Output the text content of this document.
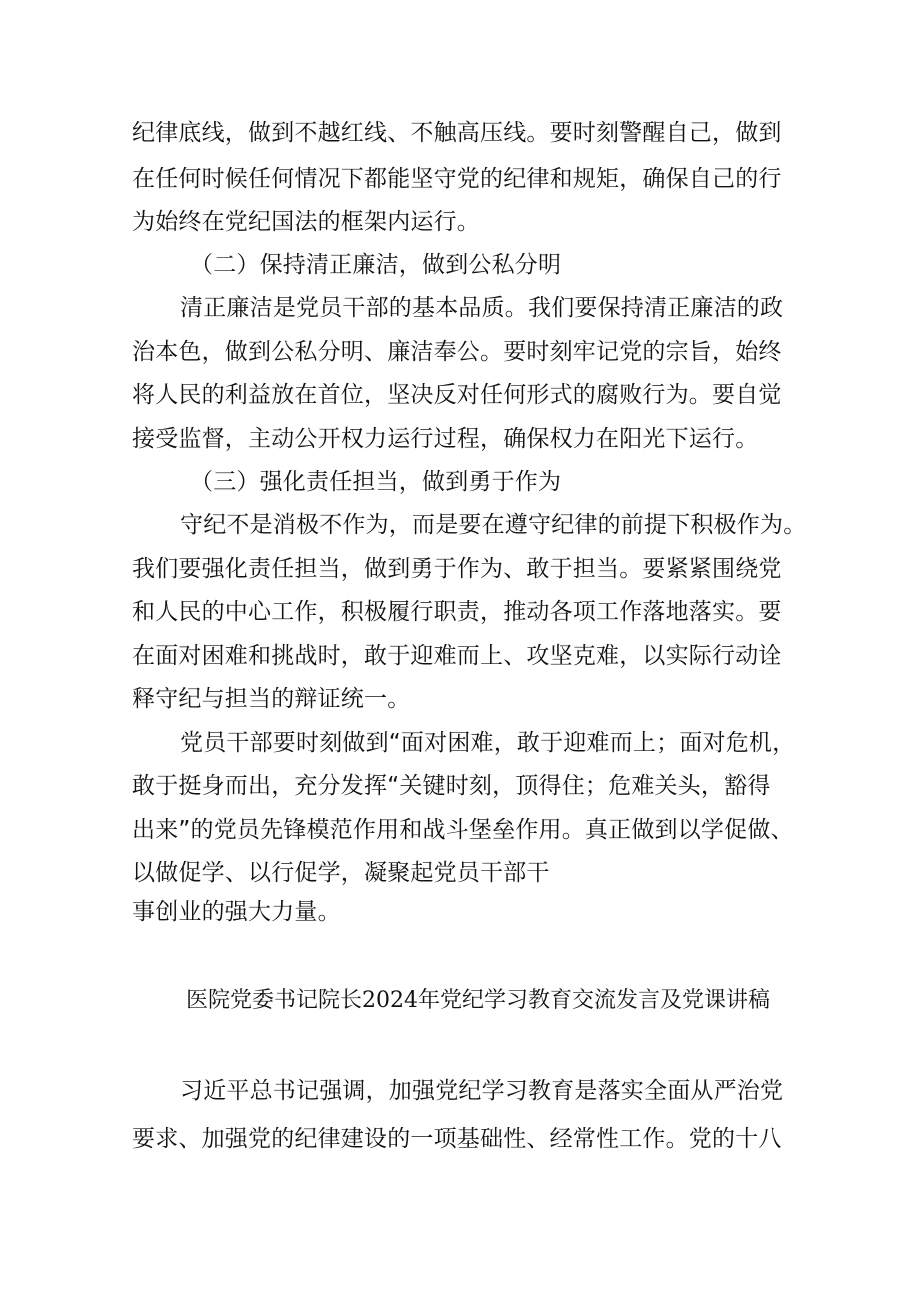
纪律底线，做到不越红线、不触高压线。要时刻警醒自己，做到
在任何时候任何情况下都能坚守党的纪律和规矩，确保自己的行
为始终在党纪国法的框架内运行。
（二）保持清正廉洁，做到公私分明
清正廉洁是党员干部的基本品质。我们要保持清正廉洁的政
治本色，做到公私分明、廉洁奉公。要时刻牢记党的宗旨，始终
将人民的利益放在首位，坚决反对任何形式的腐败行为。要自觉
接受监督，主动公开权力运行过程，确保权力在阳光下运行。
（三）强化责任担当，做到勇于作为
守纪不是消极不作为，而是要在遵守纪律的前提下积极作为。
我们要强化责任担当，做到勇于作为、敢于担当。要紧紧围绕党
和人民的中心工作，积极履行职责，推动各项工作落地落实。要
在面对困难和挑战时，敢于迎难而上、攻坚克难，以实际行动诠
释守纪与担当的辩证统一。
党员干部要时刻做到“面对困难，敢于迎难而上；面对危机，
敢于挺身而出，充分发挥“关键时刻，顶得住；危难关头，豁得
出来”的党员先锋模范作用和战斗堡垒作用。真正做到以学促做、
以做促学、以行促学，凝聚起党员干部干
事创业的强大力量。
医院党委书记院长2024年党纪学习教育交流发言及党课讲稿
习近平总书记强调，加强党纪学习教育是落实全面从严治党
要求、加强党的纪律建设的一项基础性、经常性工作。党的十八
